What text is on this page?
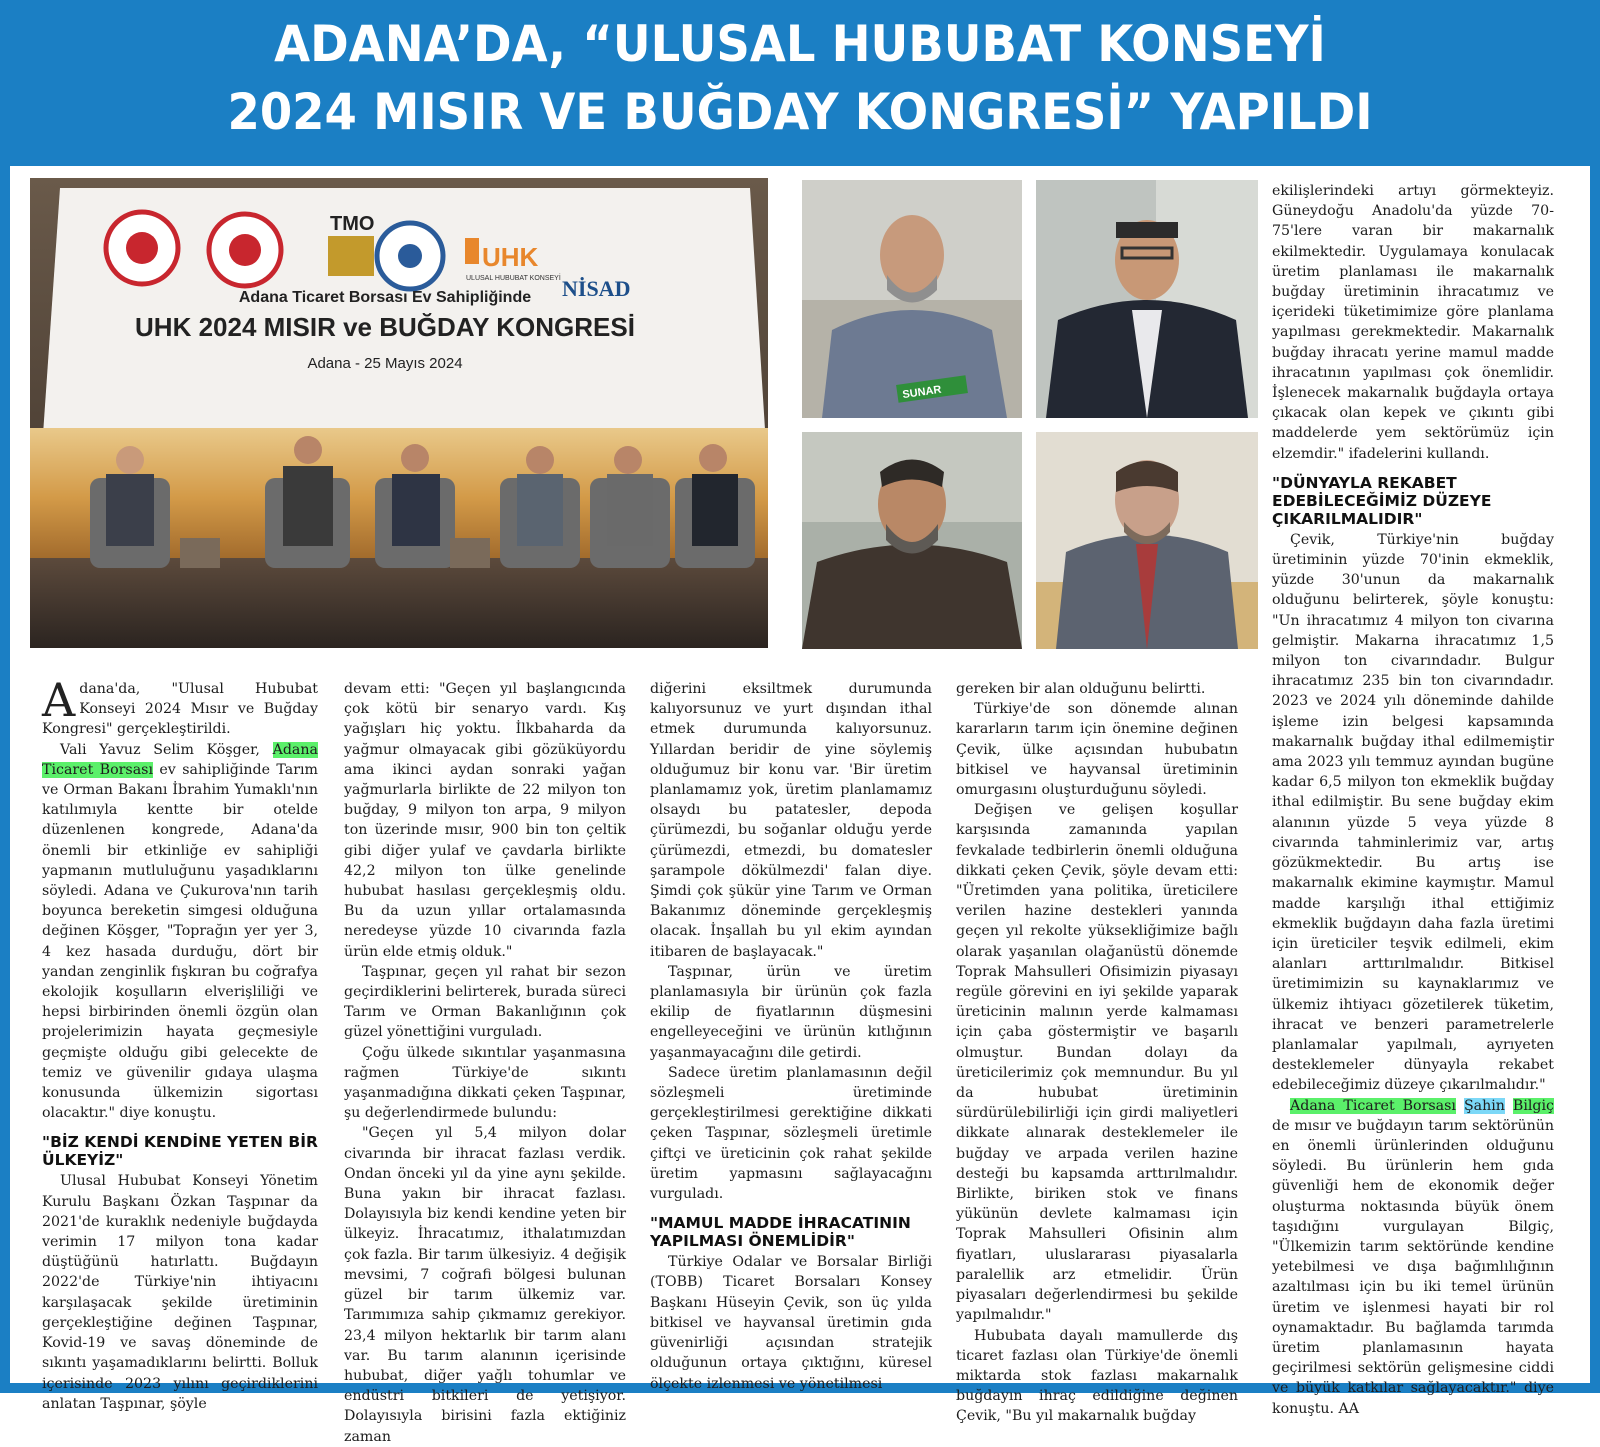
ADANA’DA, “ULUSAL HUBUBAT KONSEYİ
2024 MISIR VE BUĞDAY KONGRESİ” YAPILDI
TMO
UHK
ULUSAL HUBUBAT KONSEYİ NİSAD
Adana Ticaret Borsası Ev Sahipliğinde
UHK 2024 MISIR ve BUĞDAY KONGRESİ
Adana - 25 Mayıs 2024
SUNAR

Adana'da, "Ulusal Hububat Konseyi 2024 Mısır ve Buğday Kongresi" gerçekleştirildi.

Vali Yavuz Selim Köşger, Adana Ticaret Borsası ev sahipliğinde Tarım ve Orman Bakanı İbrahim Yumaklı'nın katılımıyla kentte bir otelde düzenlenen kongrede, Adana'da önemli bir etkinliğe ev sahipliği yapmanın mutluluğunu yaşadıklarını söyledi. Adana ve Çukurova'nın tarih boyunca bereketin simgesi olduğuna değinen Köşger, "Toprağın yer yer 3, 4 kez hasada durduğu, dört bir yandan zenginlik fışkıran bu coğrafya ekolojik koşulların elverişliliği ve hepsi birbirinden önemli özgün olan projelerimizin hayata geçmesiyle geçmişte olduğu gibi gelecekte de temiz ve güvenilir gıdaya ulaşma konusunda ülkemizin sigortası olacaktır." diye konuştu.

"BİZ KENDİ KENDİNE YETEN BİR ÜLKEYİZ"

Ulusal Hububat Konseyi Yönetim Kurulu Başkanı Özkan Taşpınar da 2021'de kuraklık nedeniyle buğdayda verimin 17 milyon tona kadar düştüğünü hatırlattı. Buğdayın 2022'de Türkiye'nin ihtiyacını karşılaşacak şekilde üretiminin gerçekleştiğine değinen Taşpınar, Kovid-19 ve savaş döneminde de sıkıntı yaşamadıklarını belirtti. Bolluk içerisinde 2023 yılını geçirdiklerini anlatan Taşpınar, şöyle

devam etti: "Geçen yıl başlangıcında çok kötü bir senaryo vardı. Kış yağışları hiç yoktu. İlkbaharda da yağmur olmayacak gibi gözüküyordu ama ikinci aydan sonraki yağan yağmurlarla birlikte de 22 milyon ton buğday, 9 milyon ton arpa, 9 milyon ton üzerinde mısır, 900 bin ton çeltik gibi diğer yulaf ve çavdarla birlikte 42,2 milyon ton ülke genelinde hububat hasılası gerçekleşmiş oldu. Bu da uzun yıllar ortalamasında neredeyse yüzde 10 civarında fazla ürün elde etmiş olduk."

Taşpınar, geçen yıl rahat bir sezon geçirdiklerini belirterek, burada süreci Tarım ve Orman Bakanlığının çok güzel yönettiğini vurguladı.

Çoğu ülkede sıkıntılar yaşanmasına rağmen Türkiye'de sıkıntı yaşanmadığına dikkati çeken Taşpınar, şu değerlendirmede bulundu:

"Geçen yıl 5,4 milyon dolar civarında bir ihracat fazlası verdik. Ondan önceki yıl da yine aynı şekilde. Buna yakın bir ihracat fazlası. Dolayısıyla biz kendi kendine yeten bir ülkeyiz. İhracatımız, ithalatımızdan çok fazla. Bir tarım ülkesiyiz. 4 değişik mevsimi, 7 coğrafi bölgesi bulunan güzel bir tarım ülkemiz var. Tarımımıza sahip çıkmamız gerekiyor. 23,4 milyon hektarlık bir tarım alanı var. Bu tarım alanının içerisinde hububat, diğer yağlı tohumlar ve endüstri bitkileri de yetişiyor. Dolayısıyla birisini fazla ektiğiniz zaman

diğerini eksiltmek durumunda kalıyorsunuz ve yurt dışından ithal etmek durumunda kalıyorsunuz. Yıllardan beridir de yine söylemiş olduğumuz bir konu var. 'Bir üretim planlamamız yok, üretim planlamamız olsaydı bu patatesler, depoda çürümezdi, bu soğanlar olduğu yerde çürümezdi, etmezdi, bu domatesler şarampole dökülmezdi' falan diye. Şimdi çok şükür yine Tarım ve Orman Bakanımız döneminde gerçekleşmiş olacak. İnşallah bu yıl ekim ayından itibaren de başlayacak."

Taşpınar, ürün ve üretim planlamasıyla bir ürünün çok fazla ekilip de fiyatlarının düşmesini engelleyeceğini ve ürünün kıtlığının yaşanmayacağını dile getirdi.

Sadece üretim planlamasının değil sözleşmeli üretiminde gerçekleştirilmesi gerektiğine dikkati çeken Taşpınar, sözleşmeli üretimle çiftçi ve üreticinin çok rahat şekilde üretim yapmasını sağlayacağını vurguladı.

"MAMUL MADDE İHRACATININ YAPILMASI ÖNEMLİDİR"

Türkiye Odalar ve Borsalar Birliği (TOBB) Ticaret Borsaları Konsey Başkanı Hüseyin Çevik, son üç yılda bitkisel ve hayvansal üretimin gıda güvenirliği açısından stratejik olduğunun ortaya çıktığını, küresel ölçekte izlenmesi ve yönetilmesi

gereken bir alan olduğunu belirtti.

Türkiye'de son dönemde alınan kararların tarım için önemine değinen Çevik, ülke açısından hububatın bitkisel ve hayvansal üretiminin omurgasını oluşturduğunu söyledi.

Değişen ve gelişen koşullar karşısında zamanında yapılan fevkalade tedbirlerin önemli olduğuna dikkati çeken Çevik, şöyle devam etti: "Üretimden yana politika, üreticilere verilen hazine destekleri yanında geçen yıl rekolte yüksekliğimize bağlı olarak yaşanılan olağanüstü dönemde Toprak Mahsulleri Ofisimizin piyasayı regüle görevini en iyi şekilde yaparak üreticinin malının yerde kalmaması için çaba göstermiştir ve başarılı olmuştur. Bundan dolayı da üreticilerimiz çok memnundur. Bu yıl da hububat üretiminin sürdürülebilirliği için girdi maliyetleri dikkate alınarak desteklemeler ile buğday ve arpada verilen hazine desteği bu kapsamda arttırılmalıdır. Birlikte, biriken stok ve finans yükünün devlete kalmaması için Toprak Mahsulleri Ofisinin alım fiyatları, uluslararası piyasalarla paralellik arz etmelidir. Ürün piyasaları değerlendirmesi bu şekilde yapılmalıdır."

Hububata dayalı mamullerde dış ticaret fazlası olan Türkiye'de önemli miktarda stok fazlası makarnalık buğdayın ihraç edildiğine değinen Çevik, "Bu yıl makarnalık buğday

ekilişlerindeki artıyı görmekteyiz. Güneydoğu Anadolu'da yüzde 70-75'lere varan bir makarnalık ekilmektedir. Uygulamaya konulacak üretim planlaması ile makarnalık buğday üretiminin ihracatımız ve içerideki tüketimimize göre planlama yapılması gerekmektedir. Makarnalık buğday ihracatı yerine mamul madde ihracatının yapılması çok önemlidir. İşlenecek makarnalık buğdayla ortaya çıkacak olan kepek ve çıkıntı gibi maddelerde yem sektörümüz için elzemdir." ifadelerini kullandı.

"DÜNYAYLA REKABET EDEBİLECEĞİMİZ DÜZEYE ÇIKARILMALIDIR"

Çevik, Türkiye'nin buğday üretiminin yüzde 70'inin ekmeklik, yüzde 30'unun da makarnalık olduğunu belirterek, şöyle konuştu: "Un ihracatımız 4 milyon ton civarına gelmiştir. Makarna ihracatımız 1,5 milyon ton civarındadır. Bulgur ihracatımız 235 bin ton civarındadır. 2023 ve 2024 yılı döneminde dahilde işleme izin belgesi kapsamında makarnalık buğday ithal edilmemiştir ama 2023 yılı temmuz ayından bugüne kadar 6,5 milyon ton ekmeklik buğday ithal edilmiştir. Bu sene buğday ekim alanının yüzde 5 veya yüzde 8 civarında tahminlerimiz var, artış gözükmektedir. Bu artış ise makarnalık ekimine kaymıştır. Mamul madde karşılığı ithal ettiğimiz ekmeklik buğdayın daha fazla üretimi için üreticiler teşvik edilmeli, ekim alanları arttırılmalıdır. Bitkisel üretimimizin su kaynaklarımız ve ülkemiz ihtiyacı gözetilerek tüketim, ihracat ve benzeri parametrelerle planlamalar yapılmalı, ayrıyeten desteklemeler dünyayla rekabet edebileceğimiz düzeye çıkarılmalıdır."

Adana Ticaret Borsası Şahin Bilgiç de mısır ve buğdayın tarım sektörünün en önemli ürünlerinden olduğunu söyledi. Bu ürünlerin hem gıda güvenliği hem de ekonomik değer oluşturma noktasında büyük önem taşıdığını vurgulayan Bilgiç, "Ülkemizin tarım sektöründe kendine yetebilmesi ve dışa bağımlılığının azaltılması için bu iki temel ürünün üretim ve işlenmesi hayati bir rol oynamaktadır. Bu bağlamda tarımda üretim planlamasının hayata geçirilmesi sektörün gelişmesine ciddi ve büyük katkılar sağlayacaktır." diye konuştu. AA
